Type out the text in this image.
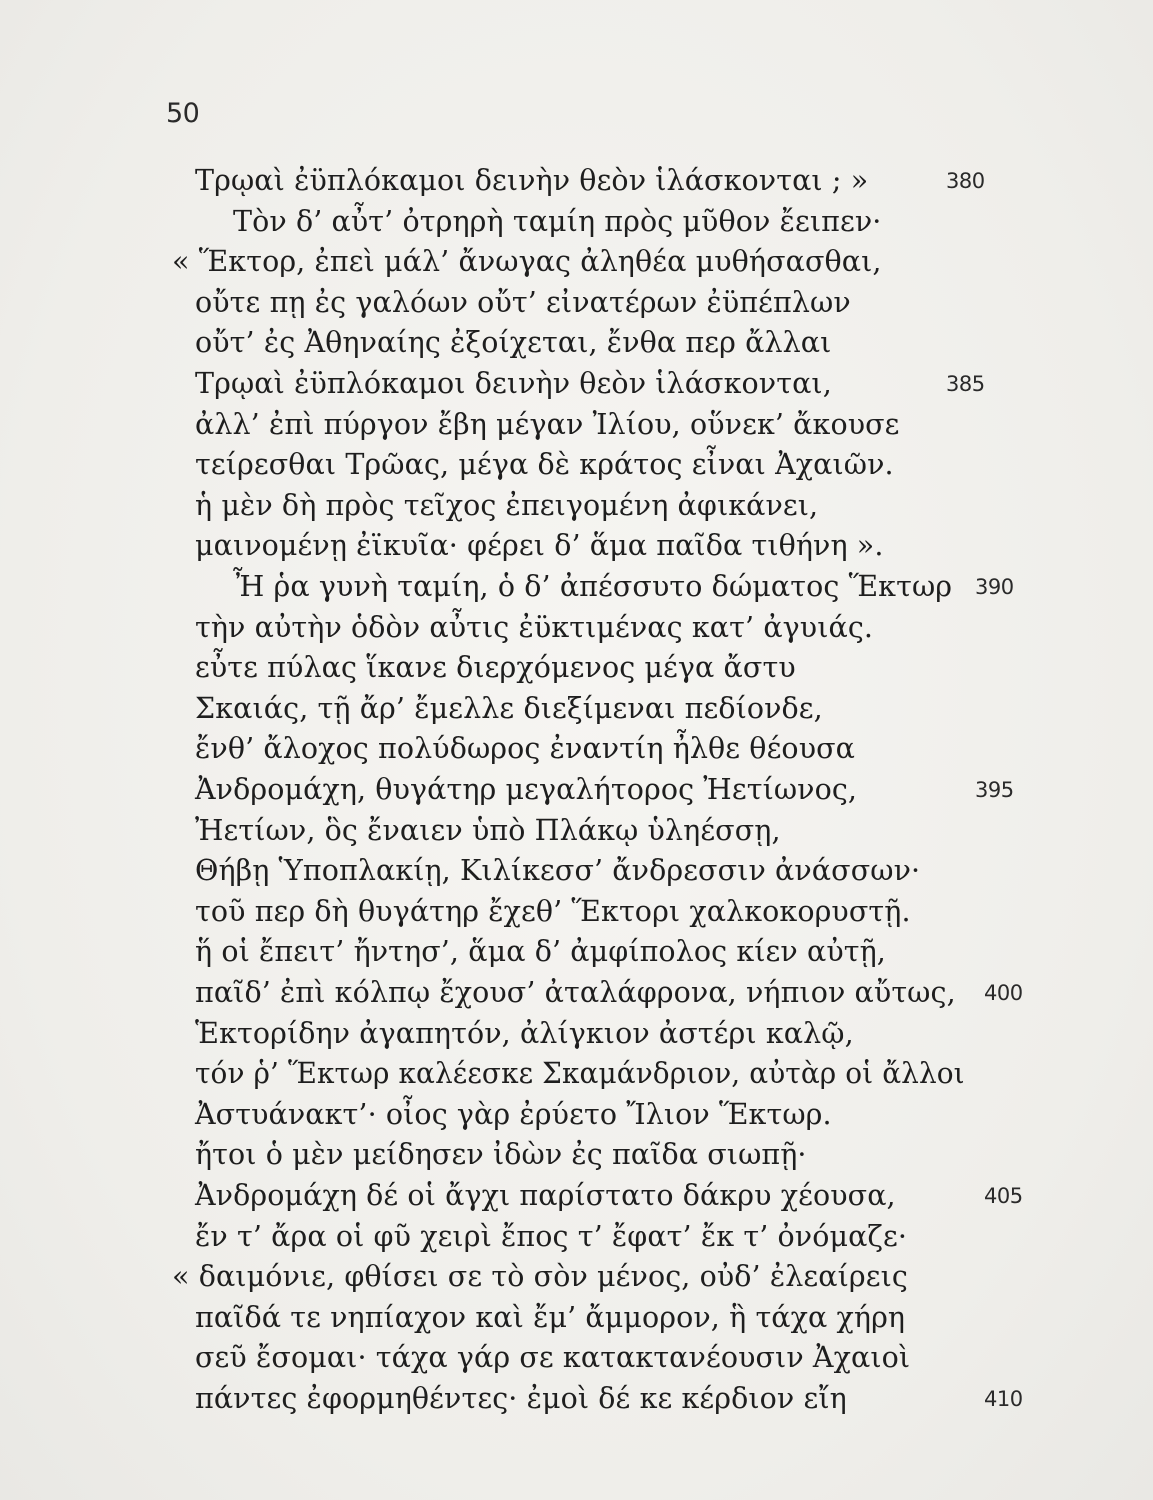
50
Τρῳαὶ ἐϋπλόκαμοι δεινὴν θεὸν ἱλάσκονται ; »	380
Τὸν δ’ αὖτ’ ὀτρηρὴ ταμίη πρὸς μῦθον ἔειπεν·
« Ἕκτορ, ἐπεὶ μάλ’ ἄνωγας ἀληθέα μυθήσασθαι,
οὔτε πῃ ἐς γαλόων οὔτ’ εἰνατέρων ἐϋπέπλων
οὔτ’ ἐς Ἀθηναίης ἐξοίχεται, ἔνθα περ ἄλλαι
Τρῳαὶ ἐϋπλόκαμοι δεινὴν θεὸν ἱλάσκονται,	385
ἀλλ’ ἐπὶ πύργον ἔβη μέγαν Ἰλίου, οὕνεκ’ ἄκουσε
τείρεσθαι Τρῶας, μέγα δὲ κράτος εἶναι Ἀχαιῶν.
ἡ μὲν δὴ πρὸς τεῖχος ἐπειγομένη ἀφικάνει,
μαινομένῃ ἐϊκυῖα· φέρει δ’ ἅμα παῖδα τιθήνη ».
Ἦ ῥα γυνὴ ταμίη, ὁ δ’ ἀπέσσυτο δώματος Ἕκτωρ 390
τὴν αὐτὴν ὁδὸν αὖτις ἐϋκτιμένας κατ’ ἀγυιάς.
εὖτε πύλας ἵκανε διερχόμενος μέγα ἄστυ
Σκαιάς, τῇ ἄρ’ ἔμελλε διεξίμεναι πεδίονδε,
ἔνθ’ ἄλοχος πολύδωρος ἐναντίη ἦλθε θέουσα
Ἀνδρομάχη, θυγάτηρ μεγαλήτορος Ἠετίωνος,	395
Ἠετίων, ὃς ἔναιεν ὑπὸ Πλάκῳ ὑληέσσῃ,
Θήβῃ Ὑποπλακίῃ, Κιλίκεσσ’ ἄνδρεσσιν ἀνάσσων·
τοῦ περ δὴ θυγάτηρ ἔχεθ’ Ἕκτορι χαλκοκορυστῇ.
ἥ οἱ ἔπειτ’ ἤντησ’, ἅμα δ’ ἀμφίπολος κίεν αὐτῇ,
παῖδ’ ἐπὶ κόλπῳ ἔχουσ’ ἀταλάφρονα, νήπιον αὔτως, 400
Ἑκτορίδην ἀγαπητόν, ἀλίγκιον ἀστέρι καλῷ,
τόν ῥ’ Ἕκτωρ καλέεσκε Σκαμάνδριον, αὐτὰρ οἱ ἄλλοι
Ἀστυάνακτ’· οἶος γὰρ ἐρύετο Ἴλιον Ἕκτωρ.
ἤτοι ὁ μὲν μείδησεν ἰδὼν ἐς παῖδα σιωπῇ·
Ἀνδρομάχη δέ οἱ ἄγχι παρίστατο δάκρυ χέουσα,	405
ἔν τ’ ἄρα οἱ φῦ χειρὶ ἔπος τ’ ἔφατ’ ἔκ τ’ ὀνόμαζε·
« δαιμόνιε, φθίσει σε τὸ σὸν μένος, οὐδ’ ἐλεαίρεις
παῖδά τε νηπίαχον καὶ ἔμ’ ἄμμορον, ἣ τάχα χήρη
σεῦ ἔσομαι· τάχα γάρ σε κατακτανέουσιν Ἀχαιοὶ
πάντες ἐφορμηθέντες· ἐμοὶ δέ κε κέρδιον εἴη	410
